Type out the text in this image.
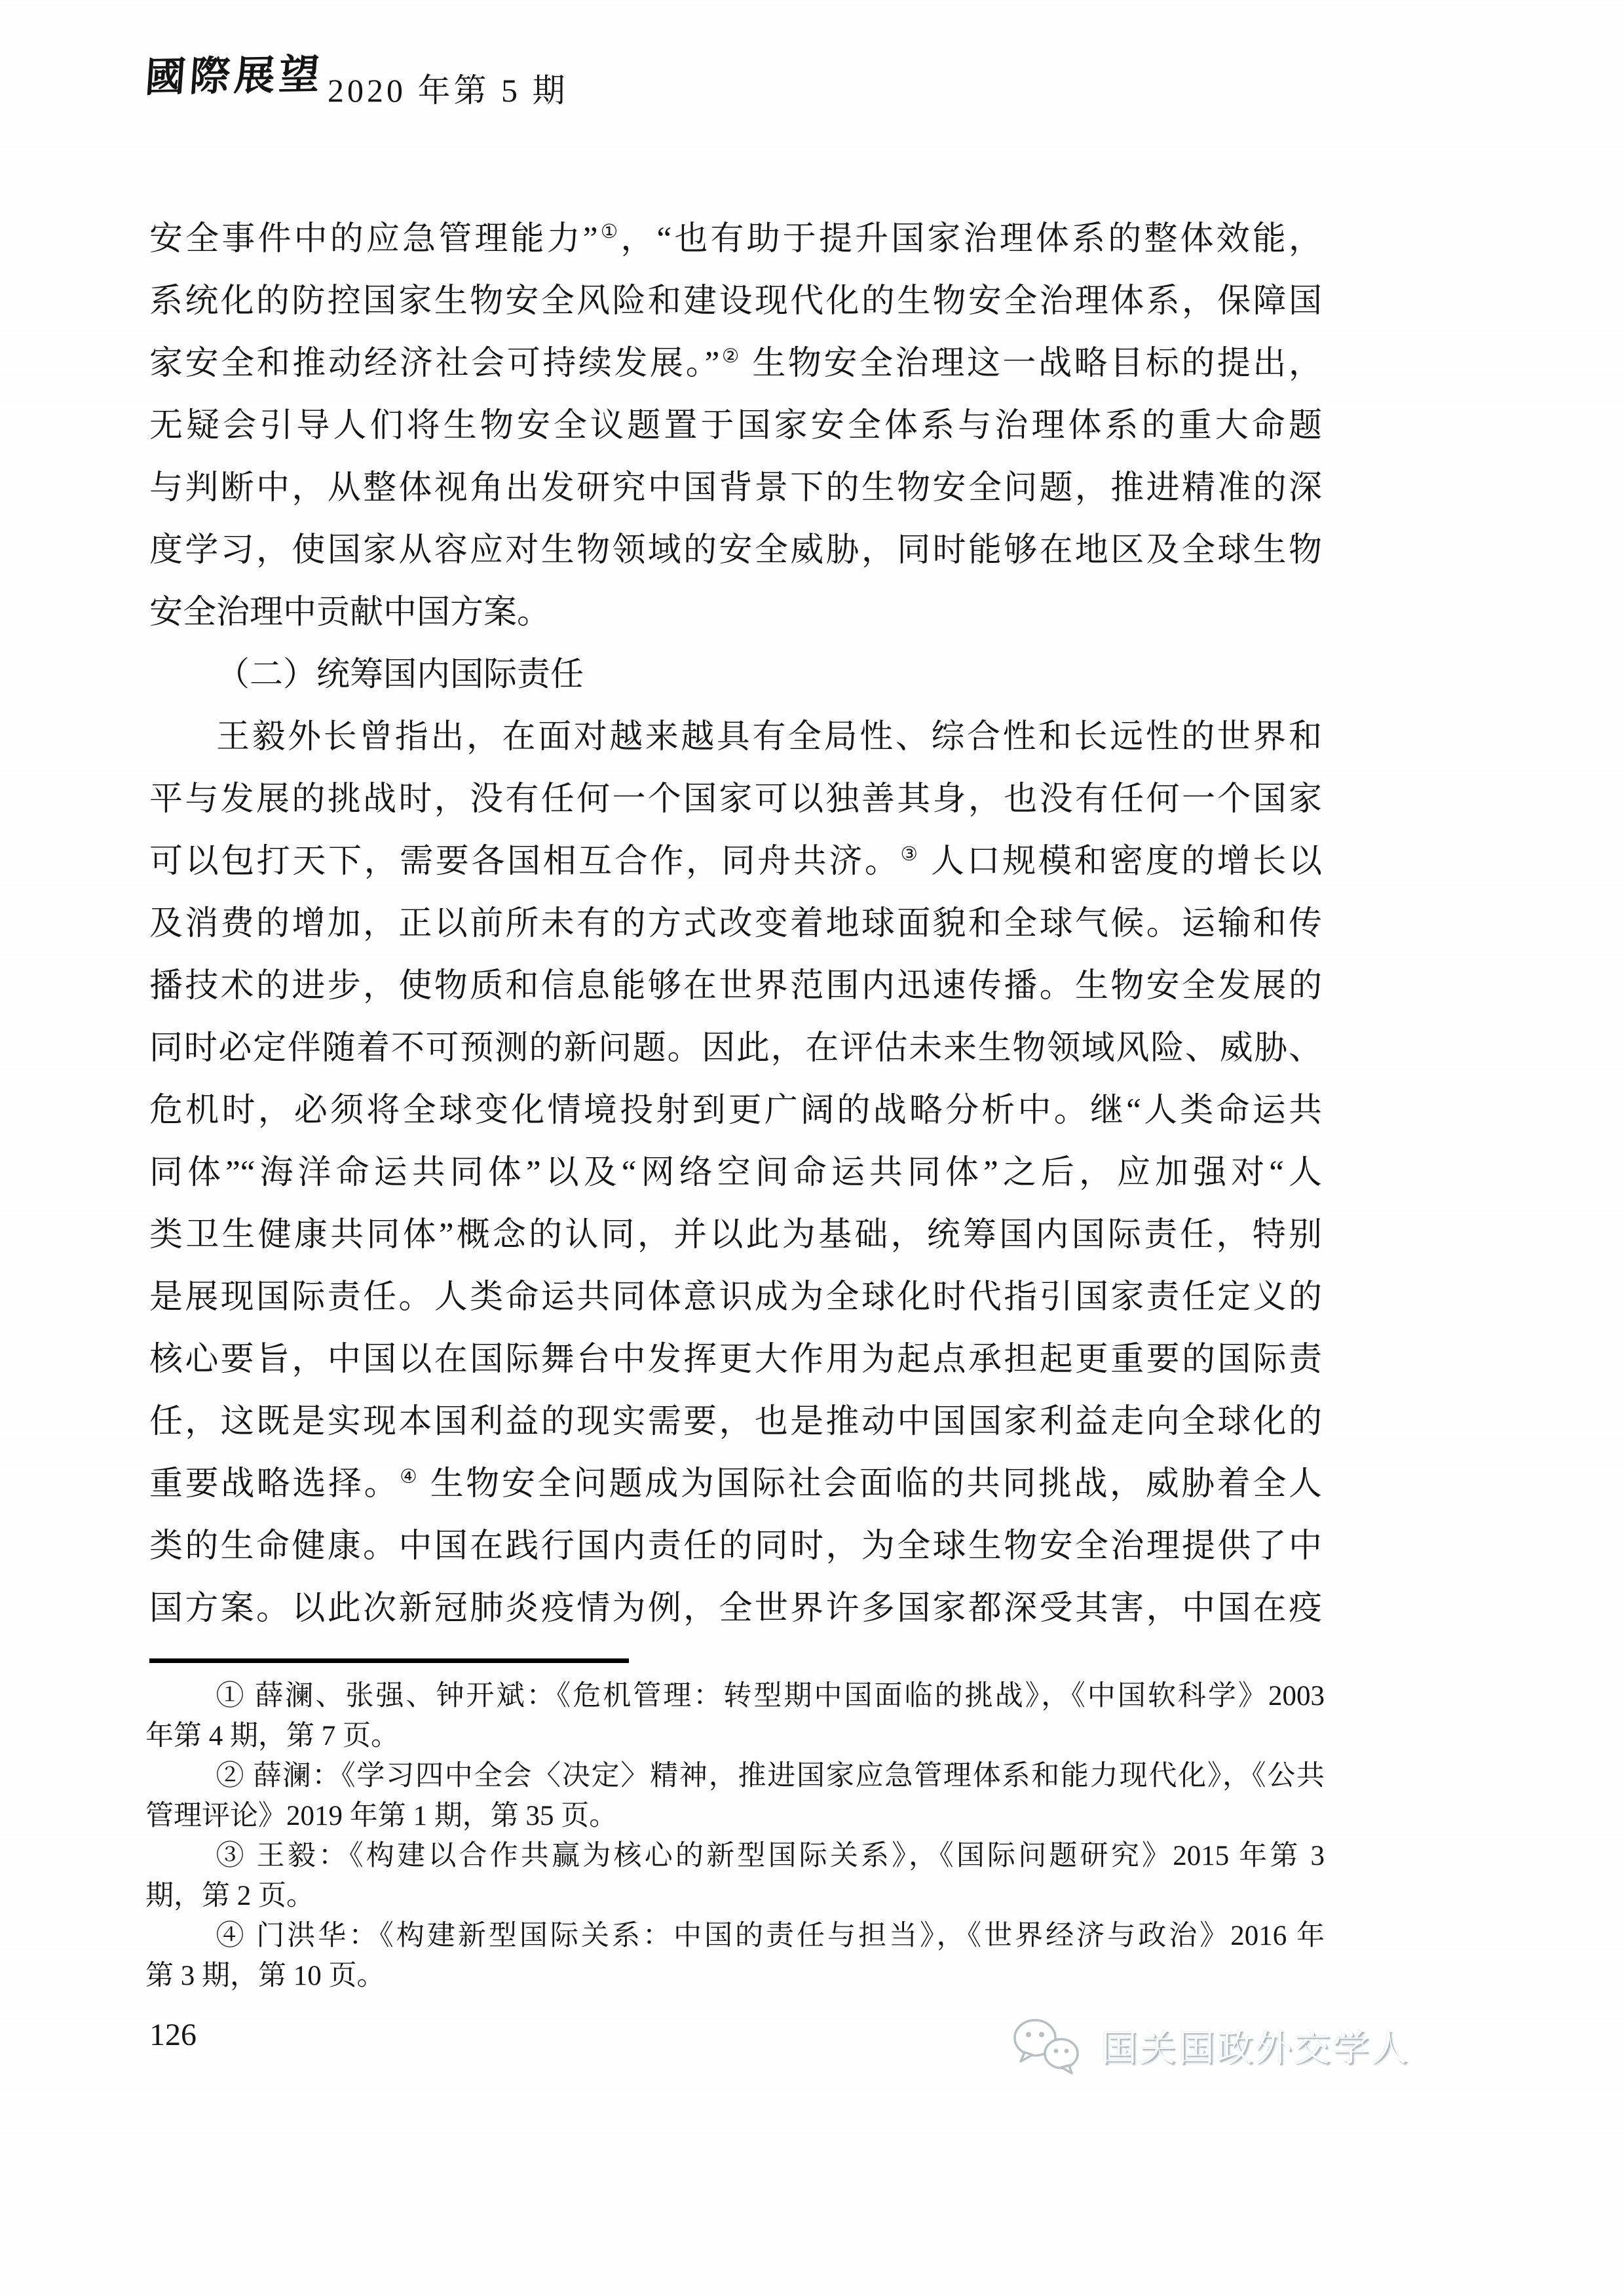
國際展望 2020 年第 5 期
安全事件中的应急管理能力”①，“也有助于提升国家治理体系的整体效能，
系统化的防控国家生物安全风险和建设现代化的生物安全治理体系，保障国
家安全和推动经济社会可持续发展。”② 生物安全治理这一战略目标的提出，
无疑会引导人们将生物安全议题置于国家安全体系与治理体系的重大命题
与判断中，从整体视角出发研究中国背景下的生物安全问题，推进精准的深
度学习，使国家从容应对生物领域的安全威胁，同时能够在地区及全球生物
安全治理中贡献中国方案。
（二）统筹国内国际责任
王毅外长曾指出，在面对越来越具有全局性、综合性和长远性的世界和
平与发展的挑战时，没有任何一个国家可以独善其身，也没有任何一个国家
可以包打天下，需要各国相互合作，同舟共济。③ 人口规模和密度的增长以
及消费的增加，正以前所未有的方式改变着地球面貌和全球气候。运输和传
播技术的进步，使物质和信息能够在世界范围内迅速传播。生物安全发展的
同时必定伴随着不可预测的新问题。因此，在评估未来生物领域风险、威胁、
危机时，必须将全球变化情境投射到更广阔的战略分析中。继“人类命运共
同体”“海洋命运共同体”以及“网络空间命运共同体”之后，应加强对“人
类卫生健康共同体”概念的认同，并以此为基础，统筹国内国际责任，特别
是展现国际责任。人类命运共同体意识成为全球化时代指引国家责任定义的
核心要旨，中国以在国际舞台中发挥更大作用为起点承担起更重要的国际责
任，这既是实现本国利益的现实需要，也是推动中国国家利益走向全球化的
重要战略选择。④ 生物安全问题成为国际社会面临的共同挑战，威胁着全人
类的生命健康。中国在践行国内责任的同时，为全球生物安全治理提供了中
国方案。以此次新冠肺炎疫情为例，全世界许多国家都深受其害，中国在疫
① 薛澜、张强、钟开斌：《危机管理：转型期中国面临的挑战》，《中国软科学》2003
年第 4 期，第 7 页。
② 薛澜：《学习四中全会〈决定〉精神，推进国家应急管理体系和能力现代化》，《公共
管理评论》2019 年第 1 期，第 35 页。
③ 王毅：《构建以合作共赢为核心的新型国际关系》，《国际问题研究》2015 年第 3
期，第 2 页。
④ 门洪华：《构建新型国际关系：中国的责任与担当》，《世界经济与政治》2016 年
第 3 期，第 10 页。
126	国关国政外交学人
